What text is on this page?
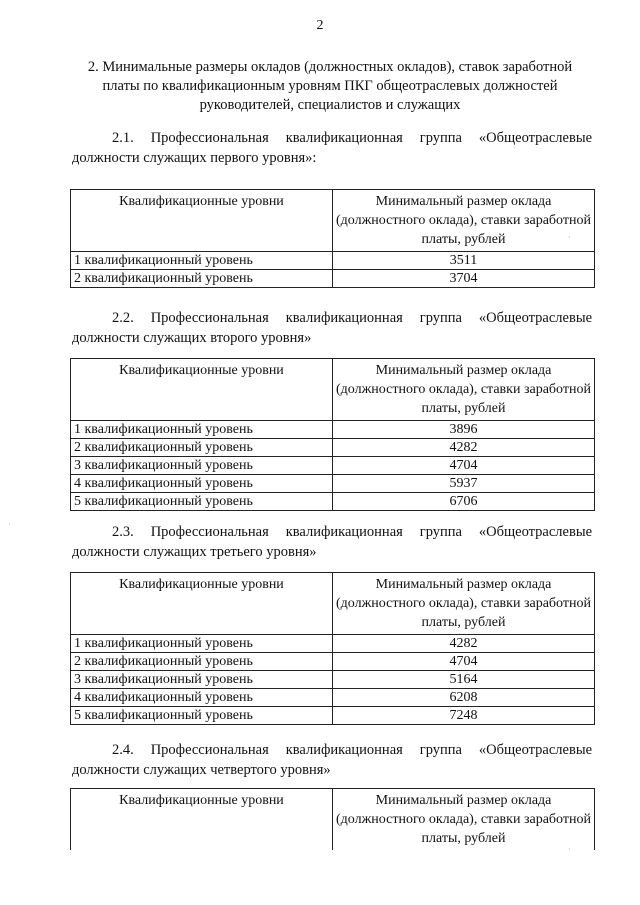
2
2. Минимальные размеры окладов (должностных окладов), ставок заработной платы по квалификационным уровням ПКГ общеотраслевых должностей руководителей, специалистов и служащих
2.1. Профессиональная квалификационная группа «Общеотраслевые
должности служащих первого уровня»:
Квалификационные уровни	Минимальный размер оклада (должностного оклада), ставки заработной платы, рублей
1 квалификационный уровень	3511
2 квалификационный уровень	3704
2.2. Профессиональная квалификационная группа «Общеотраслевые
должности служащих второго уровня»
Квалификационные уровни	Минимальный размер оклада (должностного оклада), ставки заработной платы, рублей
1 квалификационный уровень	3896
2 квалификационный уровень	4282
3 квалификационный уровень	4704
4 квалификационный уровень	5937
5 квалификационный уровень	6706
2.3. Профессиональная квалификационная группа «Общеотраслевые
должности служащих третьего уровня»
Квалификационные уровни	Минимальный размер оклада (должностного оклада), ставки заработной платы, рублей
1 квалификационный уровень	4282
2 квалификационный уровень	4704
3 квалификационный уровень	5164
4 квалификационный уровень	6208
5 квалификационный уровень	7248
2.4. Профессиональная квалификационная группа «Общеотраслевые
должности служащих четвертого уровня»
Квалификационные уровни	Минимальный размер оклада (должностного оклада), ставки заработной платы, рублей
·
·
·
